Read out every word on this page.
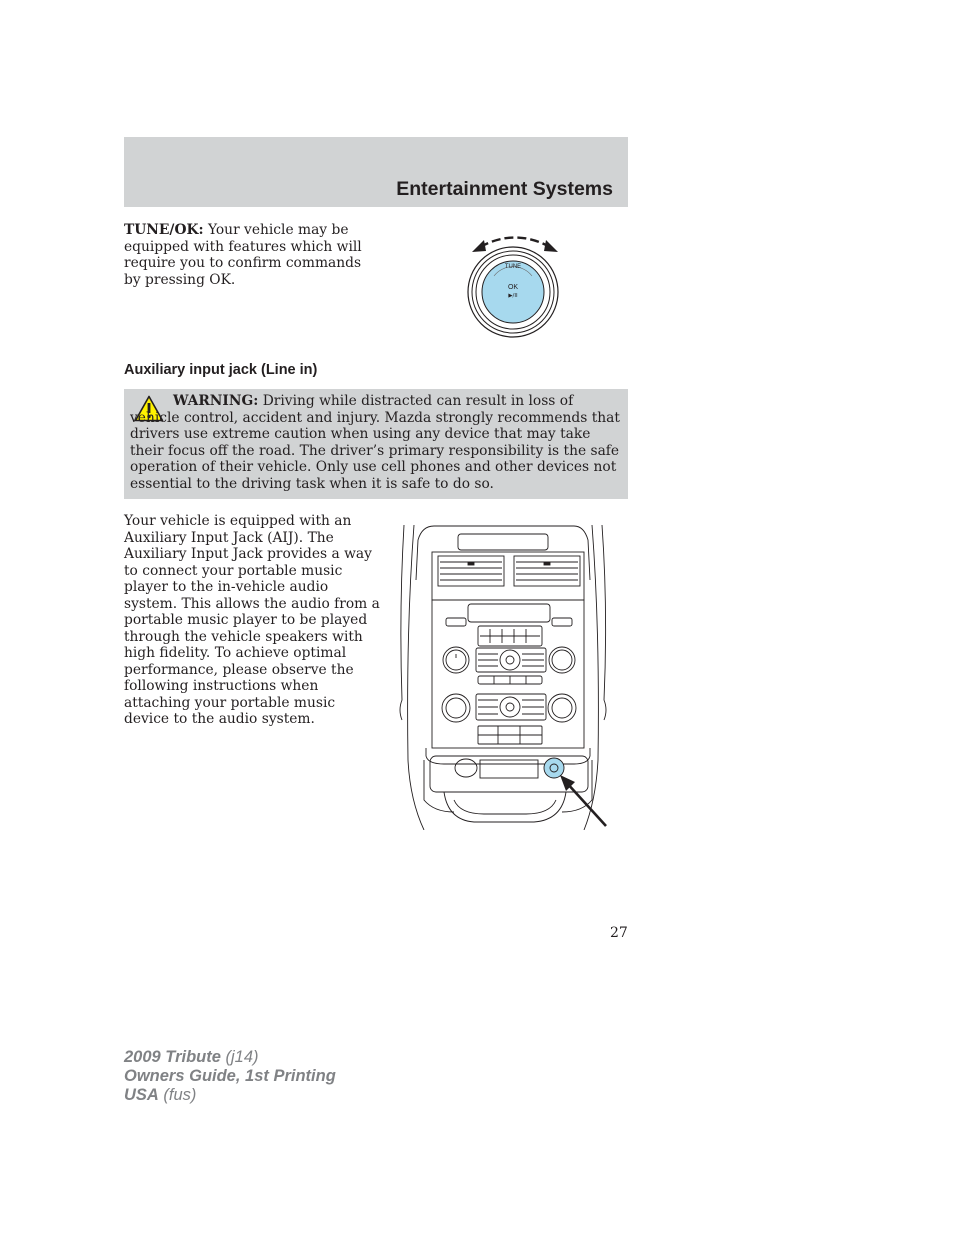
Entertainment Systems

TUNE/OK: Your vehicle may be equipped with features which will require you to confirm commands by pressing OK.

TUNE
OK
▶/II
Auxiliary input jack (Line in)

WARNING: Driving while distracted can result in loss of vehicle control, accident and injury. Mazda strongly recommends that drivers use extreme caution when using any device that may take their focus off the road. The driver’s primary responsibility is the safe operation of their vehicle. Only use cell phones and other devices not essential to the driving task when it is safe to do so.

Your vehicle is equipped with an Auxiliary Input Jack (AIJ). The Auxiliary Input Jack provides a way to connect your portable music player to the in-vehicle audio system. This allows the audio from a portable music player to be played through the vehicle speakers with high fidelity. To achieve optimal performance, please observe the following instructions when attaching your portable music device to the audio system.

27
2009 Tribute (j14)
Owners Guide, 1st Printing
USA (fus)
